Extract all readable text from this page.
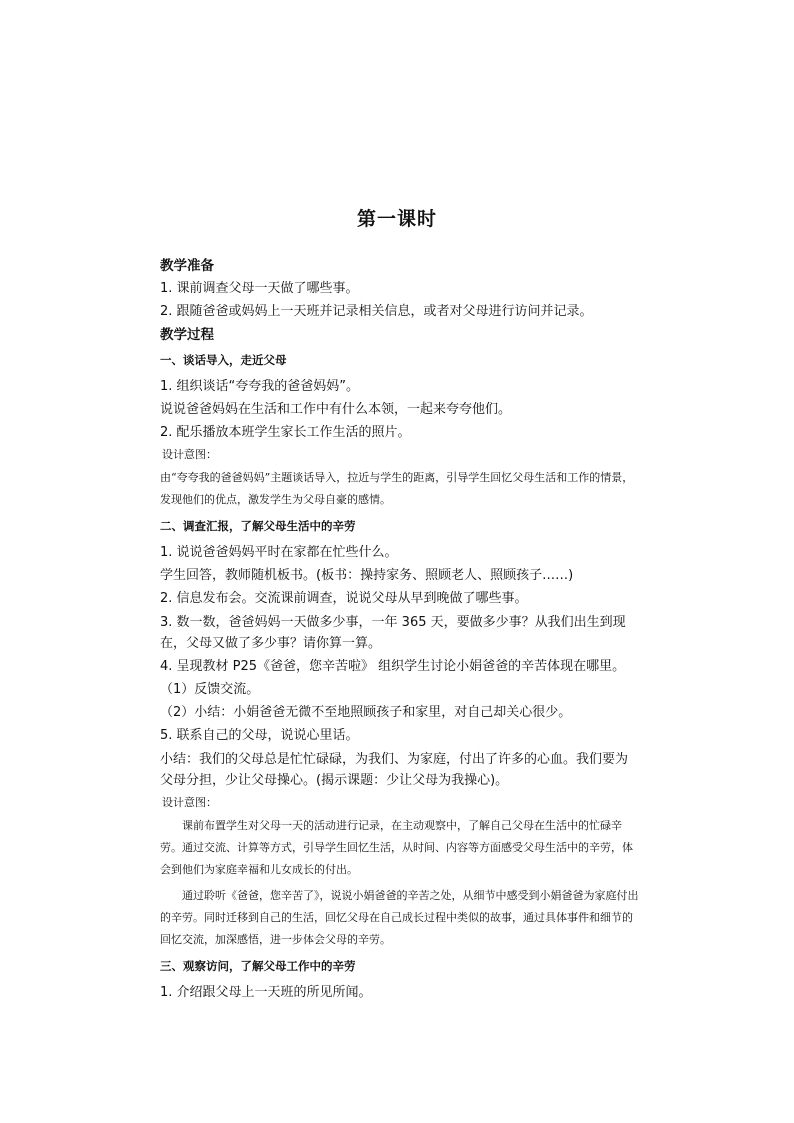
第一课时
教学准备
1. 课前调查父母一天做了哪些事。
2. 跟随爸爸或妈妈上一天班并记录相关信息，或者对父母进行访问并记录。
教学过程
一、谈话导入，走近父母
1. 组织谈话“夸夸我的爸爸妈妈”。
说说爸爸妈妈在生活和工作中有什么本领，一起来夸夸他们。
2. 配乐播放本班学生家长工作生活的照片。
设计意图：
由“夸夸我的爸爸妈妈”主题谈话导入，拉近与学生的距离，引导学生回忆父母生活和工作的情景，发现他们的优点，激发学生为父母自豪的感情。
二、调查汇报，了解父母生活中的辛劳
1. 说说爸爸妈妈平时在家都在忙些什么。
学生回答，教师随机板书。(板书：操持家务、照顾老人、照顾孩子……)
2. 信息发布会。交流课前调查，说说父母从早到晚做了哪些事。
3. 数一数，爸爸妈妈一天做多少事，一年 365 天，要做多少事？从我们出生到现在，父母又做了多少事？请你算一算。
4. 呈现教材 P25《爸爸，您辛苦啦》 组织学生讨论小娟爸爸的辛苦体现在哪里。
（1）反馈交流。
（2）小结：小娟爸爸无微不至地照顾孩子和家里，对自己却关心很少。
5. 联系自己的父母，说说心里话。
小结：我们的父母总是忙忙碌碌，为我们、为家庭，付出了许多的心血。我们要为父母分担，少让父母操心。(揭示课题：少让父母为我操心)。
设计意图：
课前布置学生对父母一天的活动进行记录，在主动观察中，了解自己父母在生活中的忙碌辛劳。通过交流、计算等方式，引导学生回忆生活，从时间、内容等方面感受父母生活中的辛劳，体会到他们为家庭幸福和儿女成长的付出。
通过聆听《爸爸，您辛苦了》，说说小娟爸爸的辛苦之处，从细节中感受到小娟爸爸为家庭付出的辛劳。同时迁移到自己的生活，回忆父母在自己成长过程中类似的故事，通过具体事件和细节的回忆交流，加深感悟，进一步体会父母的辛劳。
三、观察访问，了解父母工作中的辛劳
1. 介绍跟父母上一天班的所见所闻。
